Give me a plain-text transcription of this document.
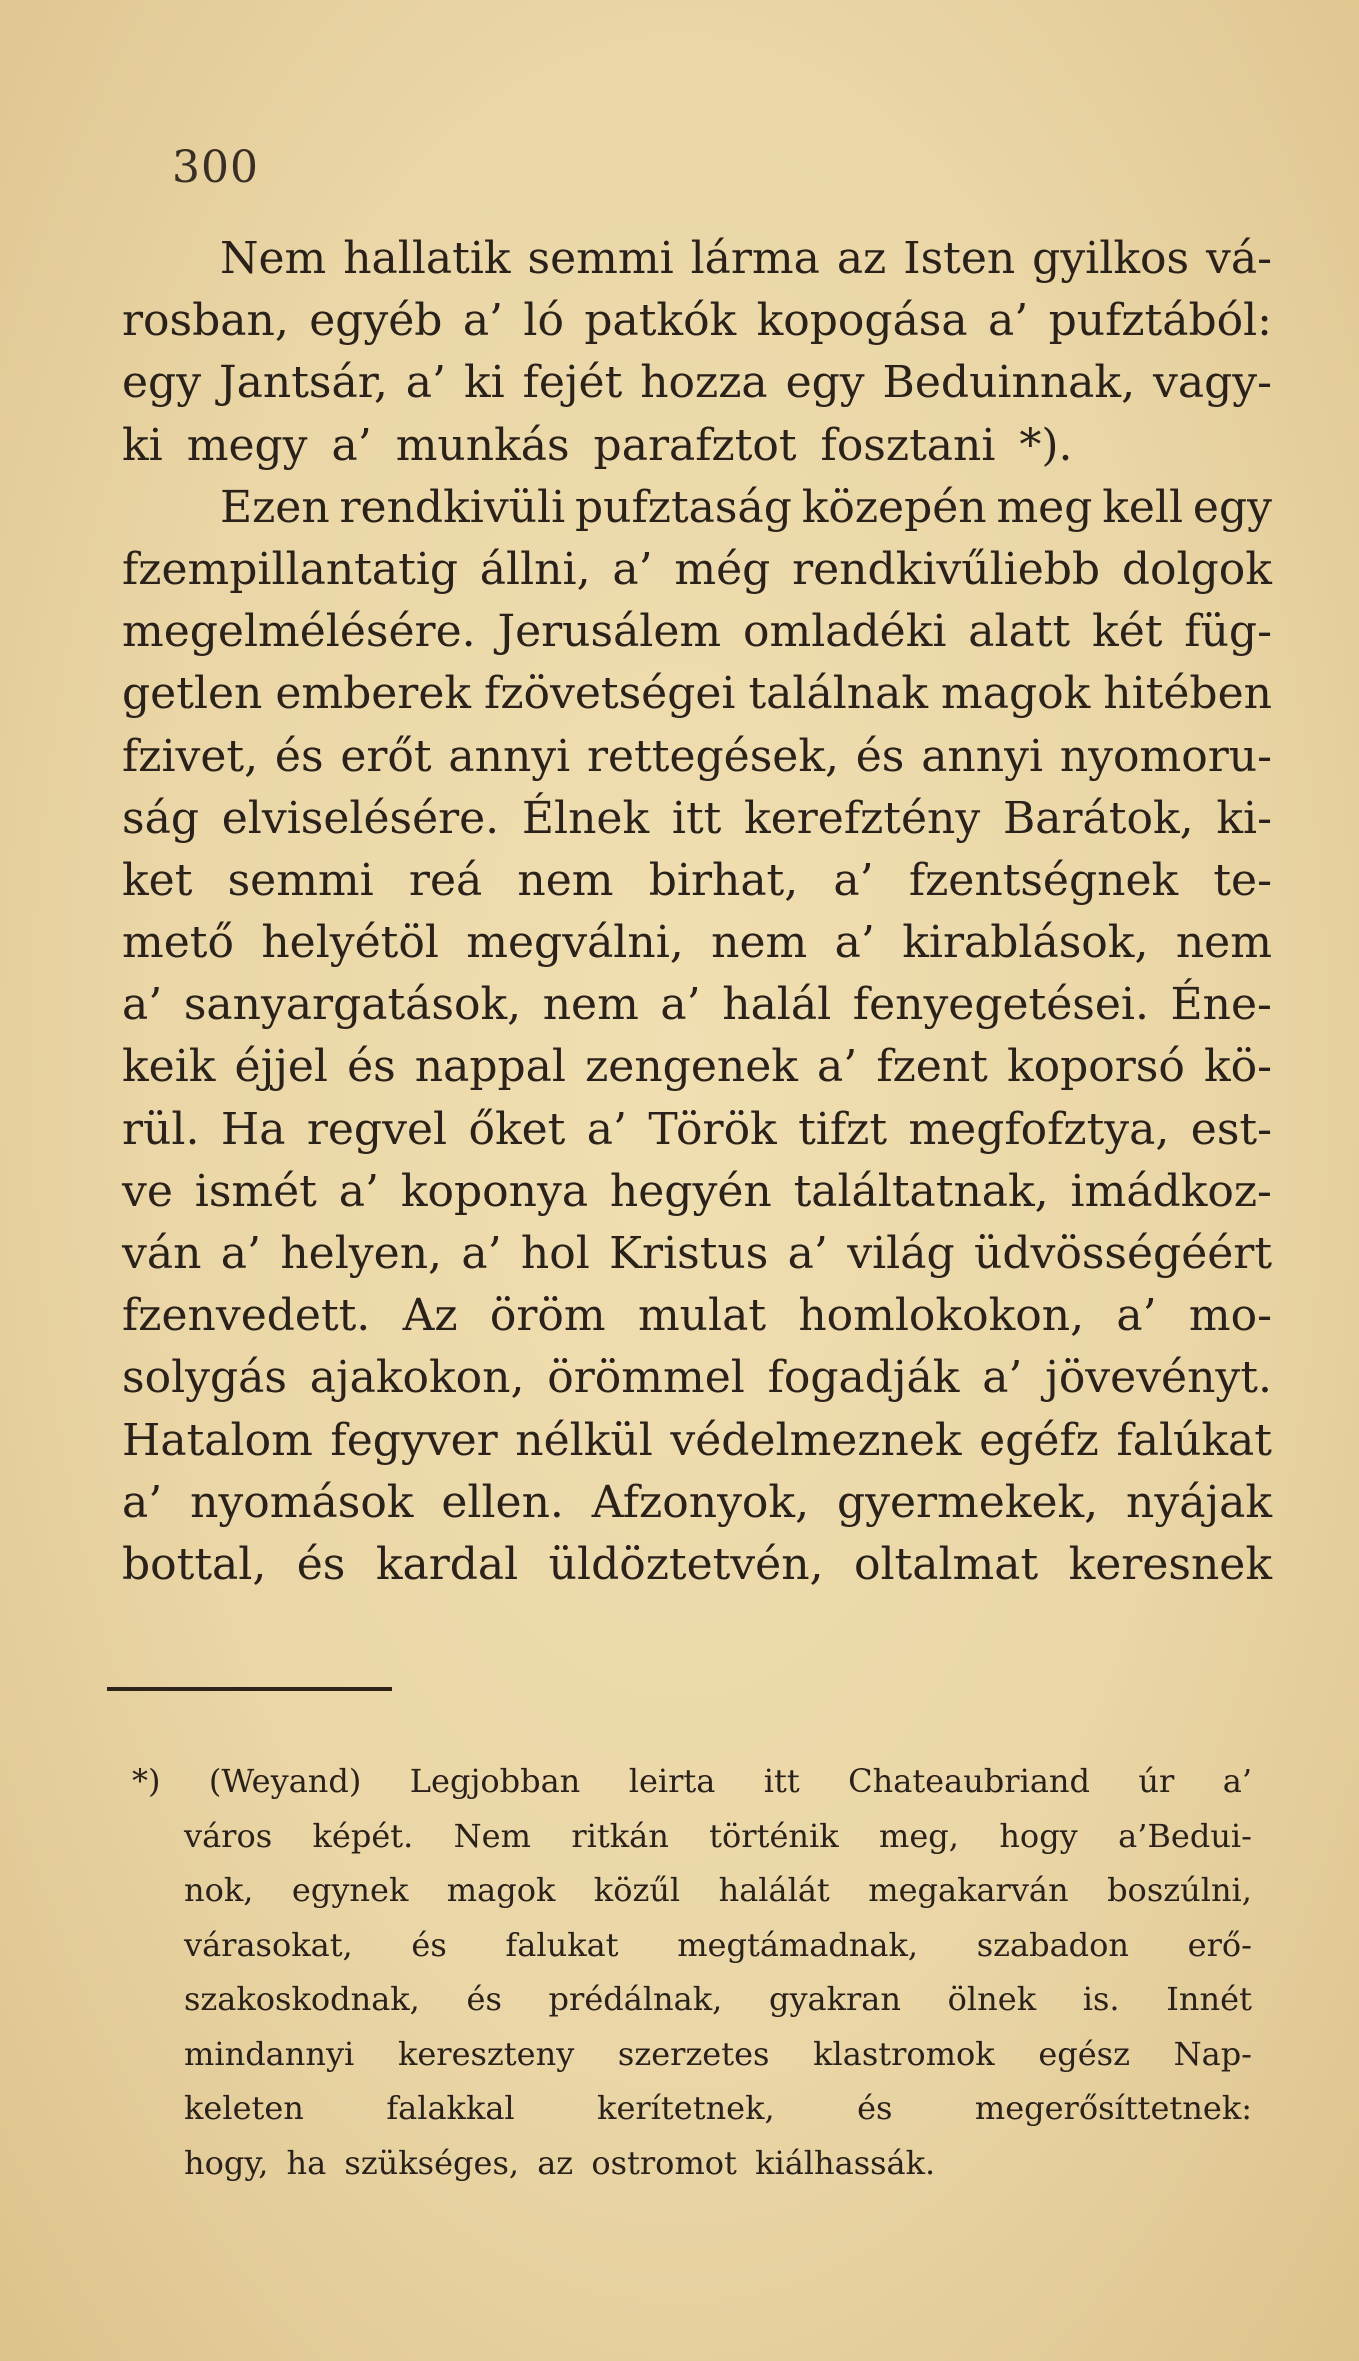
300
Nem hallatik semmi lárma az Isten gyilkos vá-
rosban, egyéb a’ ló patkók kopogása a’ pufztából:
egy Jantsár, a’ ki fejét hozza egy Beduinnak, vagy-
ki megy a’ munkás parafztot fosztani *).
Ezen rendkivüli pufztaság közepén meg kell egy
fzempillantatig állni, a’ még rendkivűliebb dolgok
megelmélésére. Jerusálem omladéki alatt két füg-
getlen emberek fzövetségei találnak magok hitében
fzivet, és erőt annyi rettegések, és annyi nyomoru-
ság elviselésére. Élnek itt kerefztény Barátok, ki-
ket semmi reá nem birhat, a’ fzentségnek te-
mető helyétöl megválni, nem a’ kirablások, nem
a’ sanyargatások, nem a’ halál fenyegetései. Éne-
keik éjjel és nappal zengenek a’ fzent koporsó kö-
rül. Ha regvel őket a’ Török tifzt megfofztya, est-
ve ismét a’ koponya hegyén találtatnak, imádkoz-
ván a’ helyen, a’ hol Kristus a’ világ üdvösségéért
fzenvedett. Az öröm mulat homlokokon, a’ mo-
solygás ajakokon, örömmel fogadják a’ jövevényt.
Hatalom fegyver nélkül védelmeznek egéfz falúkat
a’ nyomások ellen. Afzonyok, gyermekek, nyájak
bottal, és kardal üldöztetvén, oltalmat keresnek
*) (Weyand) Legjobban leirta itt Chateaubriand úr a’
város képét. Nem ritkán történik meg, hogy a’Bedui-
nok, egynek magok közűl halálát megakarván boszúlni,
várasokat, és falukat megtámadnak, szabadon erő-
szakoskodnak, és prédálnak, gyakran ölnek is. Innét
mindannyi kereszteny szerzetes klastromok egész Nap-
keleten	falakkal	kerítetnek,	és	megerősíttetnek:
hogy, ha szükséges, az ostromot kiálhassák.
